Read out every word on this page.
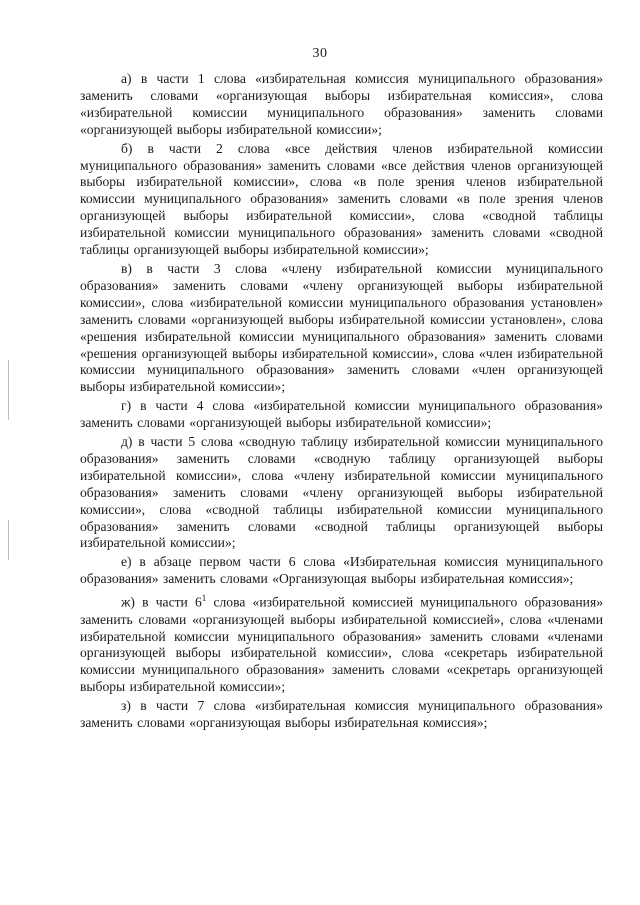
30

а) в части 1 слова «избирательная комиссия муниципального образования» заменить словами «организующая выборы избирательная комиссия», слова «избирательной комиссии муниципального образования» заменить словами «организующей выборы избирательной комиссии»;

б) в части 2 слова «все действия членов избирательной комиссии муниципального образования» заменить словами «все действия членов организующей выборы избирательной комиссии», слова «в поле зрения членов избирательной комиссии муниципального образования» заменить словами «в поле зрения членов организующей выборы избирательной комиссии», слова «сводной таблицы избирательной комиссии муниципального образования» заменить словами «сводной таблицы организующей выборы избирательной комиссии»;

в) в части 3 слова «члену избирательной комиссии муниципального образования» заменить словами «члену организующей выборы избирательной комиссии», слова «избирательной комиссии муниципального образования установлен» заменить словами «организующей выборы избирательной комиссии установлен», слова «решения избирательной комиссии муниципального образования» заменить словами «решения организующей выборы избирательной комиссии», слова «член избирательной комиссии муниципального образования» заменить словами «член организующей выборы избирательной комиссии»;

г) в части 4 слова «избирательной комиссии муниципального образования» заменить словами «организующей выборы избирательной комиссии»;

д) в части 5 слова «сводную таблицу избирательной комиссии муниципального образования» заменить словами «сводную таблицу организующей выборы избирательной комиссии», слова «члену избирательной комиссии муниципального образования» заменить словами «члену организующей выборы избирательной комиссии», слова «сводной таблицы избирательной комиссии муниципального образования» заменить словами «сводной таблицы организующей выборы избирательной комиссии»;

е) в абзаце первом части 6 слова «Избирательная комиссия муниципального образования» заменить словами «Организующая выборы избирательная комиссия»;

ж) в части $6^1$ слова «избирательной комиссией муниципального образования» заменить словами «организующей выборы избирательной комиссией», слова «членами избирательной комиссии муниципального образования» заменить словами «членами организующей выборы избирательной комиссии», слова «секретарь избирательной комиссии муниципального образования» заменить словами «секретарь организующей выборы избирательной комиссии»;

з) в части 7 слова «избирательная комиссия муниципального образования» заменить словами «организующая выборы избирательная комиссия»;
